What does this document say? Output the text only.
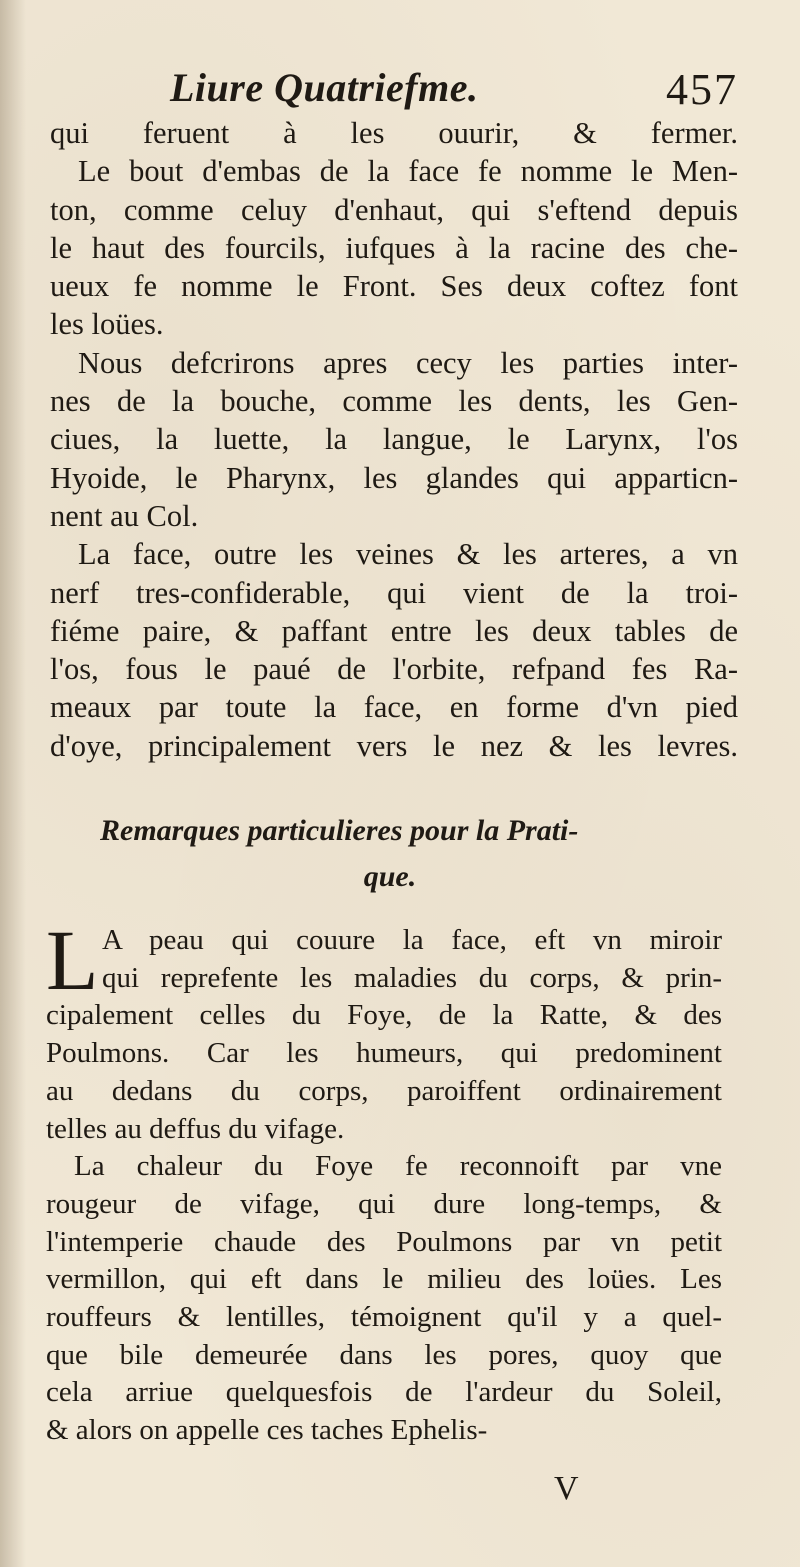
Liure Quatriefme.	457
qui feruent à les ouurir, & fermer.
Le bout d'embas de la face fe nomme le Men-
ton, comme celuy d'enhaut, qui s'eftend depuis
le haut des fourcils, iufques à la racine des che-
ueux fe nomme le Front. Ses deux coftez font
les loües.
Nous defcrirons apres cecy les parties inter-
nes de la bouche, comme les dents, les Gen-
ciues, la luette, la langue, le Larynx, l'os
Hyoide, le Pharynx, les glandes qui apparticn-
nent au Col.
La face, outre les veines & les arteres, a vn
nerf tres-confiderable, qui vient de la troi-
fiéme paire, & paffant entre les deux tables de
l'os, fous le paué de l'orbite, refpand fes Ra-
meaux par toute la face, en forme d'vn pied
d'oye, principalement vers le nez & les levres.
Remarques particulieres pour la Prati-
que.
L A peau qui couure la face, eft vn miroir
qui reprefente les maladies du corps, & prin-
cipalement celles du Foye, de la Ratte, & des
Poulmons. Car les humeurs, qui predominent
au dedans du corps, paroiffent ordinairement
telles au deffus du vifage.
La chaleur du Foye fe reconnoift par vne
rougeur de vifage, qui dure long-temps, &
l'intemperie chaude des Poulmons par vn petit
vermillon, qui eft dans le milieu des loües. Les
rouffeurs & lentilles, témoignent qu'il y a quel-
que bile demeurée dans les pores, quoy que
cela arriue quelquesfois de l'ardeur du Soleil,
& alors on appelle ces taches Ephelis-
V
